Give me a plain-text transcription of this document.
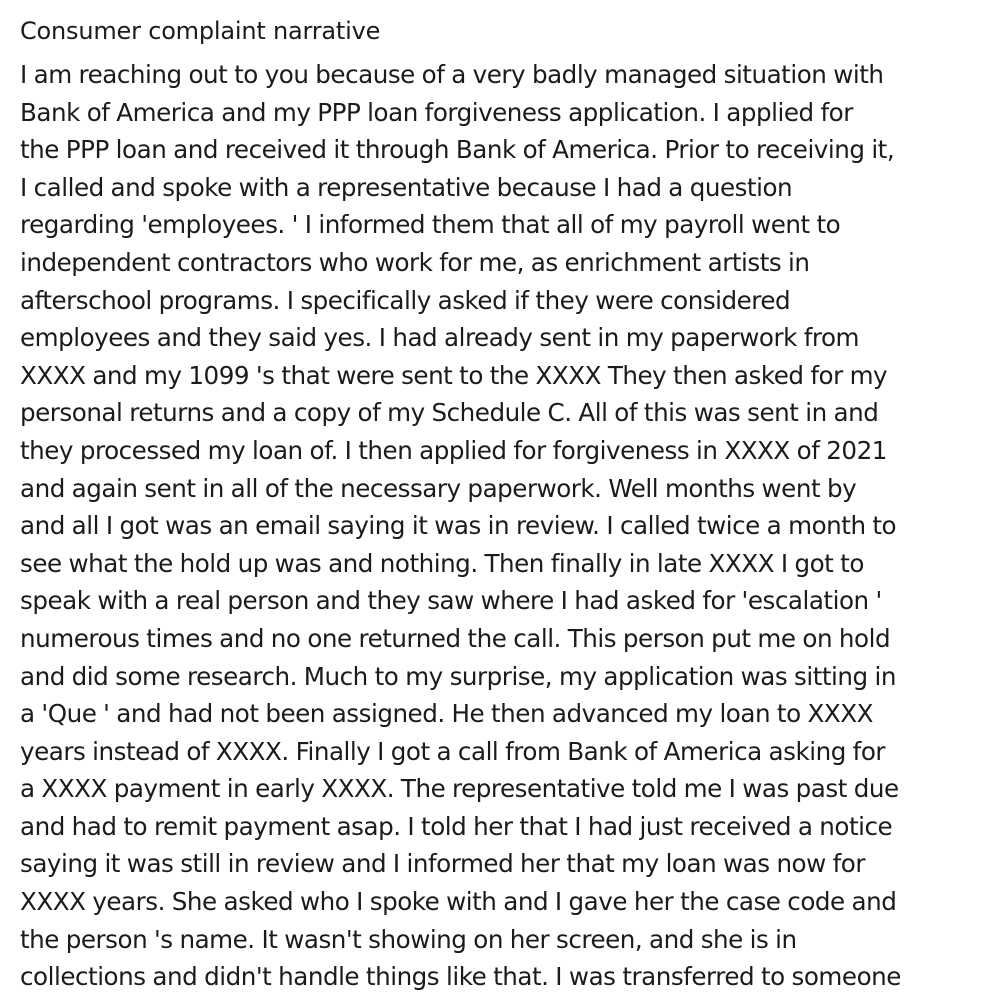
Consumer complaint narrative
I am reaching out to you because of a very badly managed situation with
Bank of America and my PPP loan forgiveness application. I applied for
the PPP loan and received it through Bank of America. Prior to receiving it,
I called and spoke with a representative because I had a question
regarding 'employees. ' I informed them that all of my payroll went to
independent contractors who work for me, as enrichment artists in
afterschool programs. I specifically asked if they were considered
employees and they said yes. I had already sent in my paperwork from
XXXX and my 1099 's that were sent to the XXXX They then asked for my
personal returns and a copy of my Schedule C. All of this was sent in and
they processed my loan of. I then applied for forgiveness in XXXX of 2021
and again sent in all of the necessary paperwork. Well months went by
and all I got was an email saying it was in review. I called twice a month to
see what the hold up was and nothing. Then finally in late XXXX I got to
speak with a real person and they saw where I had asked for 'escalation '
numerous times and no one returned the call. This person put me on hold
and did some research. Much to my surprise, my application was sitting in
a 'Que ' and had not been assigned. He then advanced my loan to XXXX
years instead of XXXX. Finally I got a call from Bank of America asking for
a XXXX payment in early XXXX. The representative told me I was past due
and had to remit payment asap. I told her that I had just received a notice
saying it was still in review and I informed her that my loan was now for
XXXX years. She asked who I spoke with and I gave her the case code and
the person 's name. It wasn't showing on her screen, and she is in
collections and didn't handle things like that. I was transferred to someone
